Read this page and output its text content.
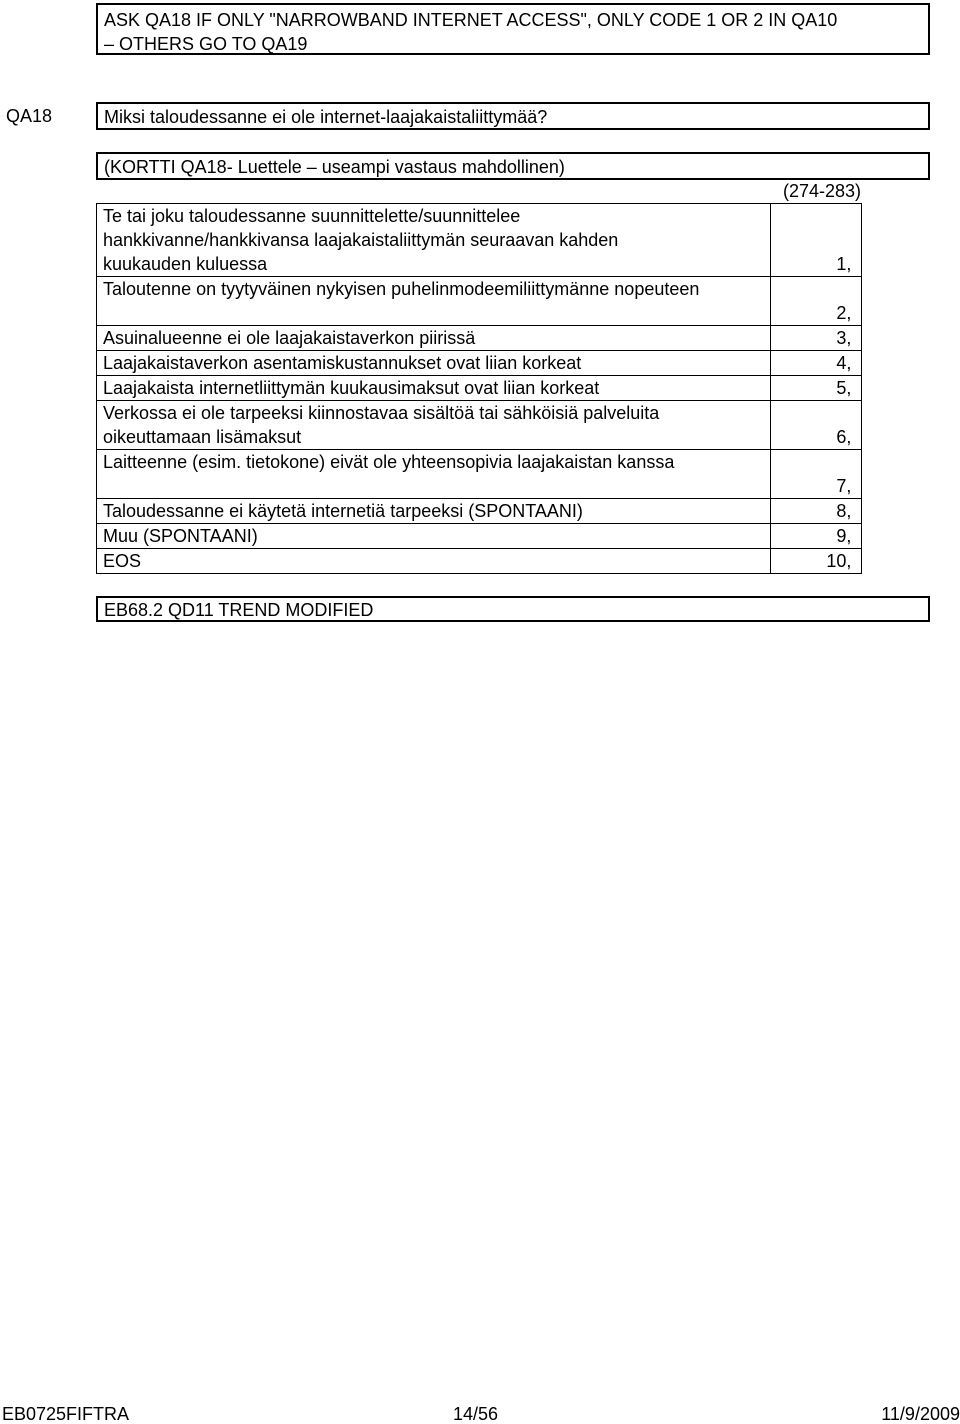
ASK QA18 IF ONLY "NARROWBAND INTERNET ACCESS", ONLY CODE 1 OR 2 IN QA10
– OTHERS GO TO QA19
QA18	Miksi taloudessanne ei ole internet-laajakaistaliittymää?
(KORTTI QA18- Luettele – useampi vastaus mahdollinen)
(274-283)
Te tai joku taloudessanne suunnittelette/suunnittelee
hankkivanne/hankkivansa laajakaistaliittymän seuraavan kahden
kuukauden kuluessa	1,	

Taloutenne on tyytyväinen nykyisen puhelinmodeemiliittymänne nopeuteen	2,	

Asuinalueenne ei ole laajakaistaverkon piirissä	3,	

Laajakaistaverkon asentamiskustannukset ovat liian korkeat	4,	

Laajakaista internetliittymän kuukausimaksut ovat liian korkeat	5,	

Verkossa ei ole tarpeeksi kiinnostavaa sisältöä tai sähköisiä palveluita
oikeuttamaan lisämaksut	6,	

Laitteenne (esim. tietokone) eivät ole yhteensopivia laajakaistan kanssa	7,	

Taloudessanne ei käytetä internetiä tarpeeksi (SPONTAANI)	8,	

Muu (SPONTAANI)	9,	

EOS	10,	
EB68.2 QD11 TREND MODIFIED
EB0725FIFTRA	14/56	11/9/2009
